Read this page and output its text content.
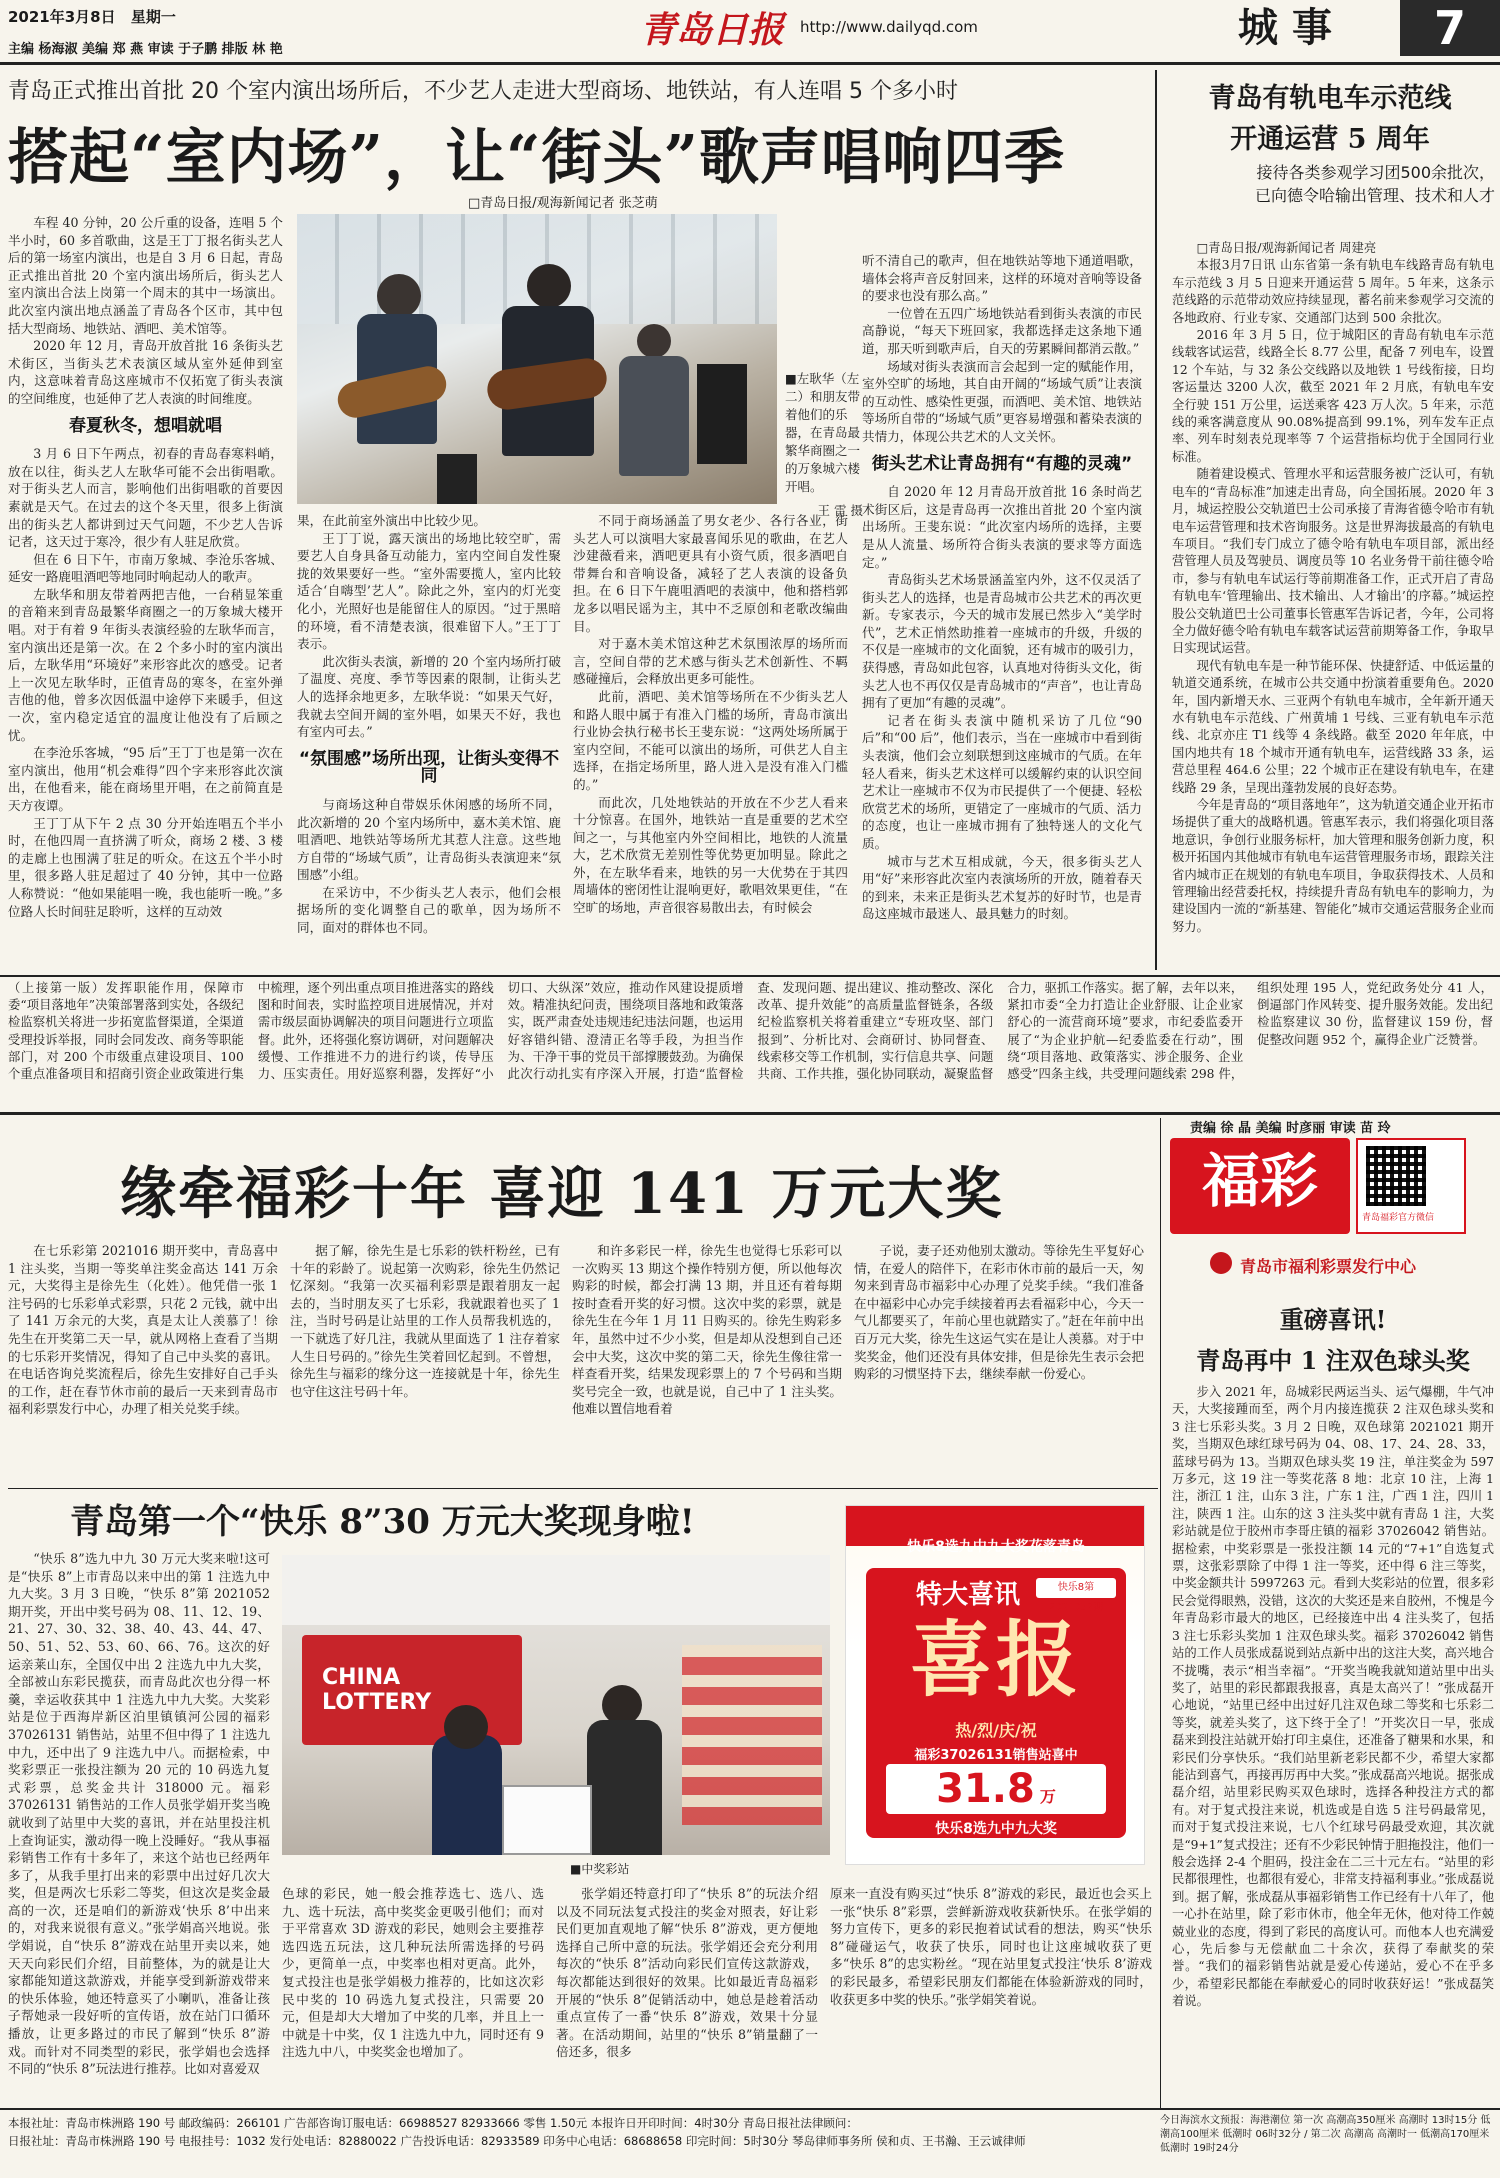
2021年3月8日 星期一	青岛日报 http://www.dailyqd.com	城 事	7
主编 杨海淑 美编 郑 燕 审读 于子鹏 排版 林 艳
青岛正式推出首批 20 个室内演出场所后，不少艺人走进大型商场、地铁站，有人连唱 5 个多小时
搭起“室内场”，让“街头”歌声唱响四季
□青岛日报/观海新闻记者 张芝萌

车程 40 分钟，20 公斤重的设备，连唱 5 个半小时，60 多首歌曲，这是王丁丁报名街头艺人后的第一场室内演出，也是自 3 月 6 日起，青岛正式推出首批 20 个室内演出场所后，街头艺人室内演出合法上岗第一个周末的其中一场演出。此次室内演出地点涵盖了青岛各个区市，其中包括大型商场、地铁站、酒吧、美术馆等。

2020 年 12 月，青岛开放首批 16 条街头艺术街区，当街头艺术表演区域从室外延伸到室内，这意味着青岛这座城市不仅拓宽了街头表演的空间维度，也延伸了艺人表演的时间维度。

春夏秋冬，想唱就唱

3 月 6 日下午两点，初春的青岛春寒料峭，放在以往，街头艺人左耿华可能不会出街唱歌。对于街头艺人而言，影响他们出街唱歌的首要因素就是天气。在过去的这个冬天里，很多上街演出的街头艺人都讲到过天气问题，不少艺人告诉记者，这天过于寒冷，很少有人驻足欣赏。

但在 6 日下午，市南万象城、李沧乐客城、延安一路鹿咀酒吧等地同时响起动人的歌声。

左耿华和朋友带着两把吉他，一台稍显笨重的音箱来到青岛最繁华商圈之一的万象城大楼开唱。对于有着 9 年街头表演经验的左耿华而言，室内演出还是第一次。在 2 个多小时的室内演出后，左耿华用“环境好”来形容此次的感受。记者上一次见左耿华时，正值青岛的寒冬，在室外弹吉他的他，曾多次因低温中途停下来暖手，但这一次，室内稳定适宜的温度让他没有了后顾之忧。

在李沧乐客城，“95 后”王丁丁也是第一次在室内演出，他用“机会难得”四个字来形容此次演出，在他看来，能在商场里开唱，在之前简直是天方夜谭。

王丁丁从下午 2 点 30 分开始连唱五个半小时，在他四周一直挤满了听众，商场 2 楼、3 楼的走廊上也围满了驻足的听众。在这五个半小时里，很多路人驻足超过了 40 分钟，其中一位路人称赞说：“他如果能唱一晚，我也能听一晚。”多位路人长时间驻足聆听，这样的互动效

■左耿华（左二）和朋友带着他们的乐器，在青岛最繁华商圈之一的万象城六楼开唱。
王 雷 摄

果，在此前室外演出中比较少见。

王丁丁说，露天演出的场地比较空旷，需要艺人自身具备互动能力，室内空间自发性聚拢的效果要好一些。“室外需要揽人，室内比较适合‘自嗨型’艺人”。除此之外，室内的灯光变化小，光照好也是能留住人的原因。“过于黑暗的环境，看不清楚表演，很难留下人。”王丁丁表示。

此次街头表演，新增的 20 个室内场所打破了温度、亮度、季节等因素的限制，让街头艺人的选择余地更多，左耿华说：“如果天气好，我就去空间开阔的室外唱，如果天不好，我也有室内可去。”

“氛围感”场所出现，让街头变得不同

与商场这种自带娱乐休闲感的场所不同，此次新增的 20 个室内场所中，嘉木美术馆、鹿咀酒吧、地铁站等场所尤其惹人注意。这些地方自带的“场域气质”，让青岛街头表演迎来“氛围感”小组。

在采访中，不少街头艺人表示，他们会根据场所的变化调整自己的歌单，因为场所不同，面对的群体也不同。

不同于商场涵盖了男女老少、各行各业，街头艺人可以演唱大家最喜闻乐见的歌曲，在艺人沙建薇看来，酒吧更具有小资气质，很多酒吧自带舞台和音响设备，减轻了艺人表演的设备负担。在 6 日下午鹿咀酒吧的表演中，他和搭档郭龙多以唱民谣为主，其中不乏原创和老歌改编曲目。

对于嘉木美术馆这种艺术氛围浓厚的场所而言，空间自带的艺术感与街头艺术创新性、不羁感碰撞后，会释放出更多可能性。

此前，酒吧、美术馆等场所在不少街头艺人和路人眼中属于有准入门槛的场所，青岛市演出行业协会执行秘书长王斐东说：“这两处场所属于室内空间，不能可以演出的场所，可供艺人自主选择，在指定场所里，路人进入是没有准入门槛的。”

而此次，几处地铁站的开放在不少艺人看来十分惊喜。在国外，地铁站一直是重要的艺术空间之一，与其他室内外空间相比，地铁的人流量大，艺术欣赏无差别性等优势更加明显。除此之外，在左耿华看来，地铁的另一大优势在于其四周墙体的密闭性让混响更好，歌唱效果更佳，“在空旷的场地，声音很容易散出去，有时候会

听不清自己的歌声，但在地铁站等地下通道唱歌，墙体会将声音反射回来，这样的环境对音响等设备的要求也没有那么高。”

一位曾在五四广场地铁站看到街头表演的市民高静说，“每天下班回家，我都选择走这条地下通道，那天听到歌声后，自天的劳累瞬间都消云散。”

场域对街头表演而言会起到一定的赋能作用，室外空旷的场地，其自由开阔的“场域气质”让表演的互动性、感染性更强，而酒吧、美术馆、地铁站等场所自带的“场域气质”更容易增强和蓄染表演的共情力，体现公共艺术的人文关怀。

街头艺术让青岛拥有“有趣的灵魂”

自 2020 年 12 月青岛开放首批 16 条时尚艺术街区后，这是青岛再一次推出首批 20 个室内演出场所。王斐东说：“此次室内场所的选择，主要是从人流量、场所符合街头表演的要求等方面选定。”

青岛街头艺术场景涵盖室内外，这不仅灵活了街头艺人的选择，也是青岛城市公共艺术的再次更新。专家表示，今天的城市发展已然步入“美学时代”，艺术正悄然助推着一座城市的升级，升级的不仅是一座城市的文化面貌，还有城市的吸引力，获得感，青岛如此包容，认真地对待街头文化，街头艺人也不再仅仅是青岛城市的“声音”，也让青岛拥有了更加“有趣的灵魂”。

记者在街头表演中随机采访了几位“90 后”和“00 后”，他们表示，当在一座城市中看到街头表演，他们会立刻联想到这座城市的气质。在年轻人看来，街头艺术这样可以缓解约束的认识空间艺术让一座城市不仅为市民提供了一个便捷、轻松欣赏艺术的场所，更错定了一座城市的气质、活力的态度，也让一座城市拥有了独特迷人的文化气质。

城市与艺术互相成就，今天，很多街头艺人用“好”来形容此次室内表演场所的开放，随着春天的到来，未来正是街头艺术复苏的好时节，也是青岛这座城市最迷人、最具魅力的时刻。

青岛有轨电车示范线
开通运营 5 周年
接待各类参观学习团500余批次，
已向德令哈输出管理、技术和人才

□青岛日报/观海新闻记者 周建亮

本报3月7日讯 山东省第一条有轨电车线路青岛有轨电车示范线 3 月 5 日迎来开通运营 5 周年。5 年来，这条示范线路的示范带动效应持续显现，蓄名前来参观学习交流的各地政府、行业专家、交通部门达到 500 余批次。

2016 年 3 月 5 日，位于城阳区的青岛有轨电车示范线载客试运营，线路全长 8.77 公里，配备 7 列电车，设置 12 个车站，与 32 条公交线路以及地铁 1 号线衔接，日均客运量达 3200 人次，截至 2021 年 2 月底，有轨电车安全行驶 151 万公里，运送乘客 423 万人次。5 年来，示范线的乘客满意度从 90.08%提高到 99.1%，列车发车正点率、列车时刻表兑现率等 7 个运营指标均优于全国同行业标准。

随着建设模式、管理水平和运营服务被广泛认可，有轨电车的“青岛标准”加速走出青岛，向全国拓展。2020 年 3 月，城运控股公交轨道巴士公司承接了青海省德令哈市有轨电车运营管理和技术咨询服务。这是世界海拔最高的有轨电车项目。“我们专门成立了德令哈有轨电车项目部，派出经营管理人员及驾驶员、调度员等 10 名业务骨干前往德令哈市，参与有轨电车试运行等前期准备工作，正式开启了青岛有轨电车‘管理输出、技术输出、人才输出’的序幕。”城运控股公交轨道巴士公司董事长管惠军告诉记者，今年，公司将全力做好德令哈有轨电车载客试运营前期筹备工作，争取早日实现试运营。

现代有轨电车是一种节能环保、快捷舒适、中低运量的轨道交通系统，在城市公共交通中扮演着重要角色。2020 年，国内新增天水、三亚两个有轨电车城市，全年新开通天水有轨电车示范线、广州黄埔 1 号线、三亚有轨电车示范线、北京亦庄 T1 线等 4 条线路。截至 2020 年年底，中国内地共有 18 个城市开通有轨电车，运营线路 33 条，运营总里程 464.6 公里；22 个城市正在建设有轨电车，在建线路 29 条，呈现出蓬勃发展的良好态势。

今年是青岛的“项目落地年”，这为轨道交通企业开拓市场提供了重大的战略机遇。管惠军表示，我们将强化项目落地意识，争创行业服务标杆，加大管理和服务创新力度，积极开拓国内其他城市有轨电车运营管理服务市场，跟踪关注省内城市正在规划的有轨电车项目，争取获得技术、人员和管理输出经营委托权，持续提升青岛有轨电车的影响力，为建设国内一流的“新基建、智能化”城市交通运营服务企业而努力。

（上接第一版）发挥职能作用，保障市委“项目落地年”决策部署落到实处，各级纪检监察机关将进一步拓宽监督渠道，全渠道受理投诉举报，同时会同发改、商务等职能部门，对 200 个市级重点建设项目、100 个重点准备项目和招商引资企业政策进行集中梳理，逐个列出重点项目推进落实的路线图和时间表，实时监控项目进展情况，并对需市级层面协调解决的项目问题进行立项监督。此外，还将强化察访调研，对问题解决缓慢、工作推进不力的进行约谈，传导压力、压实责任。用好巡察利器，发挥好“小切口、大纵深”效应，推动作风建设提质增效。精准执纪问责，围绕项目落地和政策落实，既严肃查处违规违纪违法问题，也运用好容错纠错、澄清正名等手段，为担当作为、干净干事的党员干部撑腰鼓劲。为确保此次行动扎实有序深入开展，打造“监督检查、发现问题、提出建议、推动整改、深化改革、提升效能”的高质量监督链条，各级纪检监察机关将着重建立“专班攻坚、部门报到”、分析比对、会商研讨、协同督查、线索移交等工作机制，实行信息共享、问题共商、工作共推，强化协同联动，凝聚监督合力，驱抓工作落实。据了解，去年以来，紧扣市委“全力打造让企业舒服、让企业家舒心的一流营商环境”要求，市纪委监委开展了“为企业护航—纪委监委在行动”，围绕“项目落地、政策落实、涉企服务、企业感受”四条主线，共受理问题线索 298 件，组织处理 195 人，党纪政务处分 41 人，倒逼部门作风转变、提升服务效能。发出纪检监察建议 30 份，监督建议 159 份，督促整改问题 952 个，赢得企业广泛赞誉。

责编 徐 晶 美编 时彦丽 审读 苗 玲
福彩
青岛福彩官方微信
青岛市福利彩票发行中心
缘牵福彩十年 喜迎 141 万元大奖

在七乐彩第 2021016 期开奖中，青岛喜中 1 注头奖，当期一等奖单注奖金高达 141 万余元，大奖得主是徐先生（化姓）。他凭借一张 1 注号码的七乐彩单式彩票，只花 2 元钱，就中出了 141 万余元的大奖，真是太让人羡慕了！徐先生在开奖第二天一早，就从网格上查看了当期的七乐彩开奖情况，得知了自己中头奖的喜讯。在电话咨询兑奖流程后，徐先生安排好自己手头的工作，赶在春节休市前的最后一天来到青岛市福利彩票发行中心，办理了相关兑奖手续。

据了解，徐先生是七乐彩的铁杆粉丝，已有十年的彩龄了。说起第一次购彩，徐先生仍然记忆深刻。“我第一次买福利彩票是跟着朋友一起去的，当时朋友买了七乐彩，我就跟着也买了 1 注，当时号码是让站里的工作人员帮我机选的，一下就选了好几注，我就从里面选了 1 注存着家人生日号码的。”徐先生笑着回忆起到。不曾想，徐先生与福彩的缘分这一连接就是十年，徐先生也守住这注号码十年。

和许多彩民一样，徐先生也觉得七乐彩可以一次购买 13 期这个操作特别方便，所以他每次购彩的时候，都会打满 13 期，并且还有着每期按时查看开奖的好习惯。这次中奖的彩票，就是徐先生在今年 1 月 11 日购买的。徐先生购彩多年，虽然中过不少小奖，但是却从没想到自己还会中大奖，这次中奖的第二天，徐先生像往常一样查看开奖，结果发现彩票上的 7 个号码和当期奖号完全一致，也就是说，自己中了 1 注头奖。他难以置信地看着

子说，妻子还劝他别太激动。等徐先生平复好心情，在爱人的陪伴下，在彩市休市前的最后一天，匆匆来到青岛市福彩中心办理了兑奖手续。“我们准备在中福彩中心办完手续接着再去看福彩中心，今天一气儿都要买了，年前心里也就踏实了。”赶在年前中出百万元大奖，徐先生这运气实在是让人羡慕。对于中奖奖金，他们还没有具体安排，但是徐先生表示会把购彩的习惯坚持下去，继续奉献一份爱心。

青岛第一个“快乐 8”30 万元大奖现身啦!

“快乐 8”选九中九 30 万元大奖来啦!这可是“快乐 8”上市青岛以来中出的第 1 注选九中九大奖。3 月 3 日晚，“快乐 8”第 2021052 期开奖，开出中奖号码为 08、11、12、19、21、27、30、32、38、40、43、44、47、50、51、52、53、60、66、76。这次的好运亲莱山东，全国仅中出 2 注选九中九大奖，全部被山东彩民揽获，而青岛此次也分得一杯羹，幸运收获其中 1 注选九中九大奖。大奖彩站是位于西海岸新区泊里镇镇河公园的福彩 37026131 销售站，站里不但中得了 1 注选九中九，还中出了 9 注选九中八。而据检索，中奖彩票正一张投注额为 20 元的 10 码选九复式彩票，总奖金共计 318000 元。福彩 37026131 销售站的工作人员张学娟开奖当晚就收到了站里中大奖的喜讯，并在站里投注机上查询证实，激动得一晚上没睡好。“我从事福彩销售工作有十多年了，来这个站也已经两年多了，从我手里打出来的彩票中出过好几次大奖，但是两次七乐彩二等奖，但这次是奖金最高的一次，还是咱们的新游戏‘快乐 8’中出来的，对我来说很有意义。”张学娟高兴地说。张学娟说，自“快乐 8”游戏在站里开卖以来，她天天向彩民们介绍，目前整体，为的就是让大家都能知道这款游戏，并能享受到新游戏带来的快乐体验，她还特意买了小喇叭，准备让孩子帮她录一段好听的宣传语，放在站门口循环播放，让更多路过的市民了解到“快乐 8”游戏。而针对不同类型的彩民，张学娟也会选择不同的“快乐 8”玩法进行推荐。比如对喜爱双

CHINA LOTTERY
■中奖彩站

色球的彩民，她一般会推荐选七、选八、选九、选十玩法，高中奖奖金更吸引他们；而对于平常喜欢 3D 游戏的彩民，她则会主要推荐选四选五玩法，这几种玩法所需选择的号码少，更简单一点，中奖率也相对更高。此外，复式投注也是张学娟极力推荐的，比如这次彩民中奖的 10 码选九复式投注，只需要 20 元，但是却大大增加了中奖的几率，并且上一中就是十中奖，仅 1 注选九中九，同时还有 9 注选九中八，中奖奖金也增加了。

张学娟还特意打印了“快乐 8”的玩法介绍以及不同玩法复式投注的奖金对照表，好让彩民们更加直观地了解“快乐 8”游戏，更方便地选择自己所中意的玩法。张学娟还会充分利用每次的“快乐 8”活动向彩民们宣传这款游戏，每次都能达到很好的效果。比如最近青岛福彩开展的“快乐 8”促销活动中，她总是趁着活动重点宣传了一番“快乐 8”游戏，效果十分显著。在活动期间，站里的“快乐 8”销量翻了一倍还多，很多

原来一直没有购买过“快乐 8”游戏的彩民，最近也会买上一张“快乐 8”彩票，尝鲜新游戏收获新快乐。在张学娟的努力宣传下，更多的彩民抱着试试看的想法，购买“快乐 8”碰碰运气，收获了快乐，同时也让这座城收获了更多“快乐 8”的忠实粉丝。“现在站里复式投注‘快乐 8’游戏的彩民最多，希望彩民朋友们都能在体验新游戏的同时，收获更多中奖的快乐。”张学娟笑着说。

快乐8选九中九大奖花落青岛
特大喜讯	快乐8第2021052期
喜报
热/烈/庆/祝
福彩37026131销售站喜中
31.8 万
快乐8选九中九大奖
重磅喜讯!
青岛再中 1 注双色球头奖

步入 2021 年，岛城彩民两运当头、运气爆棚，牛气冲天，大奖接踵而至，两个月内接连揽获 2 注双色球头奖和 3 注七乐彩头奖。3 月 2 日晚，双色球第 2021021 期开奖，当期双色球红球号码为 04、08、17、24、28、33，蓝球号码为 13。当期双色球头奖 19 注，单注奖金为 597 万多元，这 19 注一等奖花落 8 地：北京 10 注，上海 1 注，浙江 1 注，山东 3 注，广东 1 注，广西 1 注，四川 1 注，陕西 1 注。山东的这 3 注头奖中就有青岛 1 注，大奖彩站就是位于胶州市李哥庄镇的福彩 37026042 销售站。据检索，中奖彩票是一张投注额 14 元的“7+1”自选复式票，这张彩票除了中得 1 注一等奖，还中得 6 注三等奖，中奖金额共计 5997263 元。看到大奖彩站的位置，很多彩民会觉得眼熟，没错，这次的大奖还是来自胶州，不愧是今年青岛彩市最大的地区，已经接连中出 4 注头奖了，包括 3 注七乐彩头奖加 1 注双色球头奖。福彩 37026042 销售站的工作人员张成磊说到站点新中出的这注大奖，高兴地合不拢嘴，表示“相当幸福”。“开奖当晚我就知道站里中出头奖了，站里的彩民都跟我报喜，真是太高兴了！”张成磊开心地说，“站里已经中出过好几注双色球二等奖和七乐彩二等奖，就差头奖了，这下终于全了！”开奖次日一早，张成磊来到投注站就开始打印主桌住，还准备了糖果和水果，和彩民们分享快乐。“我们站里新老彩民都不少，希望大家都能沾到喜气，再接再厉再中大奖。”张成磊高兴地说。据张成磊介绍，站里彩民购买双色球时，选择各种投注方式的都有。对于复式投注来说，机选或是自选 5 注号码最常见，而对于复式投注来说，七八个红球号码最受欢迎，其次就是“9+1”复式投注；还有不少彩民钟情于胆拖投注，他们一般会选择 2-4 个胆码，投注金在二三十元左右。“站里的彩民都很理性，也都很有爱心，非常支持福利事业。”张成磊说到。据了解，张成磊从事福彩销售工作已经有十八年了，他一心扑在站里，除了彩市休市，他全年无休，他对待工作兢兢业业的态度，得到了彩民的高度认可。而他本人也充满爱心，先后参与无偿献血二十余次，获得了奉献奖的荣誉。“我们的福彩销售站就是爱心传递站，爱心不在乎多少，希望彩民都能在奉献爱心的同时收获好运！”张成磊笑着说。

本报社址：青岛市株洲路 190 号 邮政编码：266101 广告部咨询订服电话：66988527 82933666 零售 1.50元 本报许日开印时间：4时30分 青岛日报社法律顾问：
日报社址：青岛市株洲路 190 号 电报挂号：1032 发行处电话：82880022 广告投诉电话：82933589 印务中心电话：68688658 印完时间：5时30分 琴岛律师事务所 侯和贞、王书瀚、王云诚律师
今日海滨水文预报：海港潮位 第一次 高潮高350厘米 高潮时 13时15分 低潮高100厘米 低潮时 06时32分 / 第二次 高潮高 高潮时一 低潮高170厘米 低潮时 19时24分
